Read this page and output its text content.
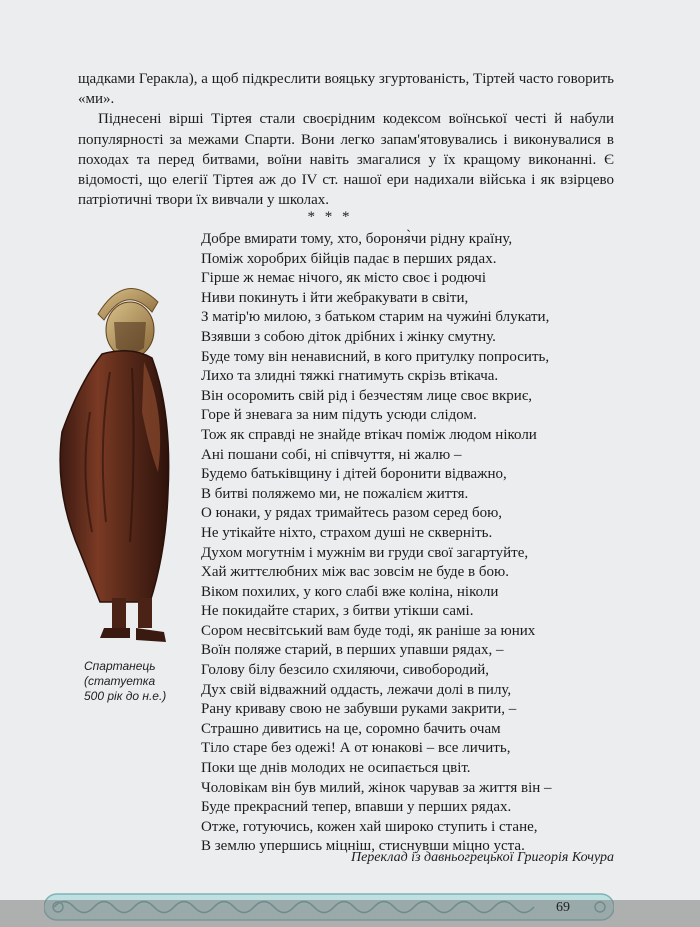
щадками Геракла), а щоб підкреслити вояцьку згуртованість, Тіртей часто говорить «ми».

Піднесені вірші Тіртея стали своєрідним кодексом воїнської честі й набули популярності за межами Спарти. Вони легко запам'ятовувались і виконувалися в походах та перед битвами, воїни навіть змагалися у їх кращому виконанні. Є відомості, що елегії Тіртея аж до IV ст. нашої ери надихали війська і як взірцево патріотичні твори їх вивчали у школах.

* * *
Спартанець
(статуетка
500 рік до н.е.)
Добре вмирати тому, хто, бороня̀чи рідну країну,
Поміж хоробрих бійців падає в перших рядах.
Гірше ж немає нічого, як місто своє і родючі
Ниви покинуть і йти жебракувати в світи,
З матір'ю милою, з батьком старим на чужи̇ні блукати,
Взявши з собою діток дрібних і жінку смутну.
Буде тому він ненависний, в кого притулку попросить,
Лихо та злидні тяжкі гнатимуть скрізь втікача.
Він осоромить свій рід і безчестям лице своє вкриє,
Горе й зневага за ним підуть усюди слідом.
Тож як справді не знайде втікач поміж людом ніколи
Ані пошани собі, ні співчуття, ні жалю –
Будемо батьківщину і дітей боронити відважно,
В битві поляжемо ми, не пожалієм життя.
О юнаки, у рядах тримайтесь разом серед бою,
Не утікайте ніхто, страхом душі не скверніть.
Духом могутнім і мужнім ви груди свої загартуйте,
Хай життєлюбних між вас зовсім не буде в бою.
Віком похилих, у кого слабі вже коліна, ніколи
Не покидайте старих, з битви утікши самі.
Сором несвітський вам буде тоді, як раніше за юних
Воїн поляже старий, в перших упавши рядах, –
Голову білу безсило схиляючи, сивобородий,
Дух свій відважний оддасть, лежачи долі в пилу,
Рану криваву свою не забувши руками закрити, –
Страшно дивитись на це, соромно бачить очам
Тіло старе без одежі! А от юнакові – все личить,
Поки ще днів молодих не осипається цвіт.
Чоловікам він був милий, жінок чарував за життя він –
Буде прекрасний тепер, впавши у перших рядах.
Отже, готуючись, кожен хай широко ступить і стане,
В землю упершись міцніш, стиснувши міцно уста.
Переклад із давньогрецької Григорія Кочура
69
